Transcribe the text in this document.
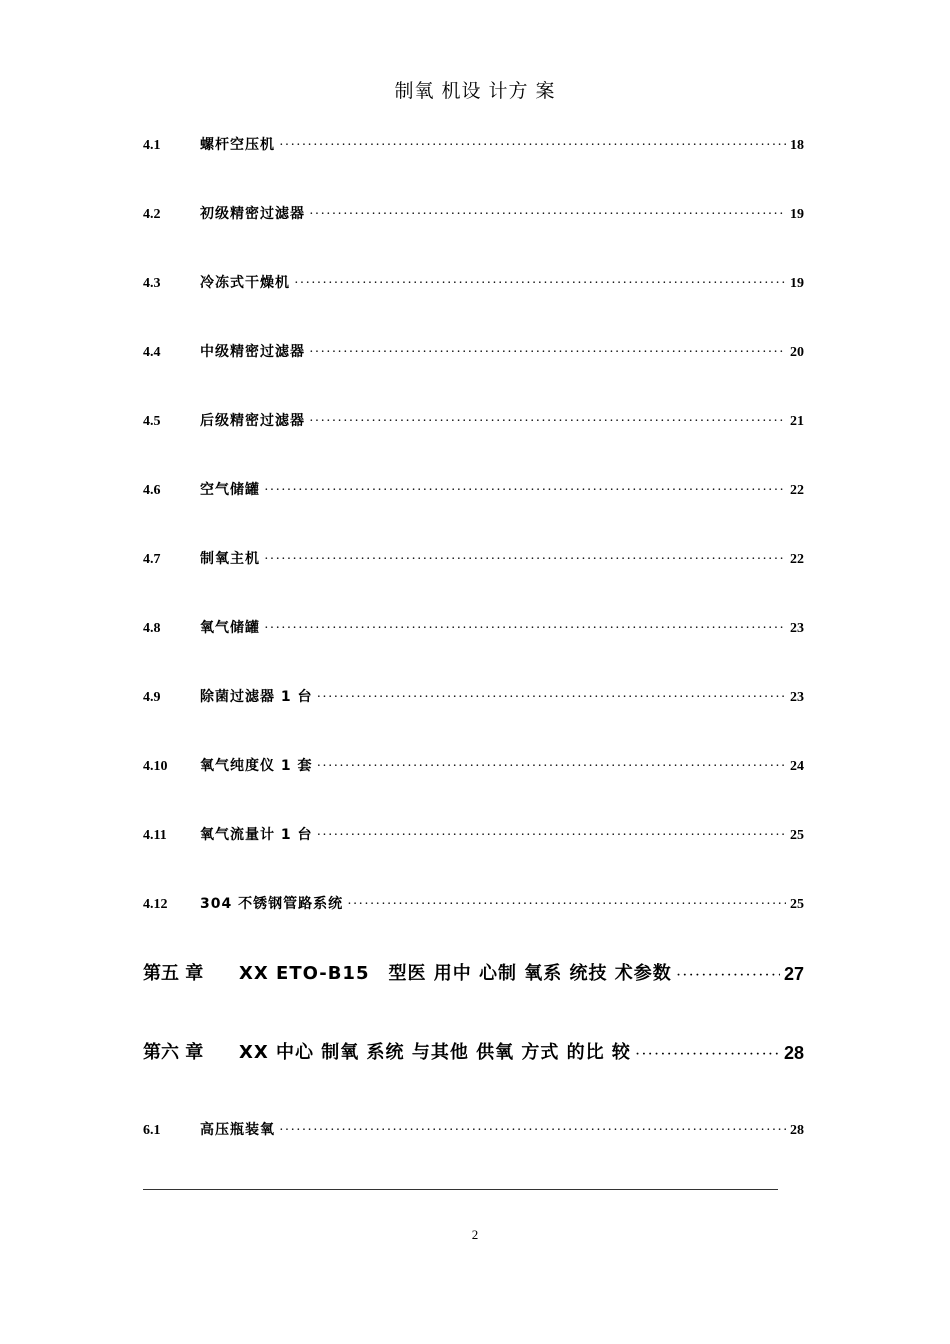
制氧 机设 计方 案
4.1	螺杆空压机 ·····	18
4.2	初级精密过滤器 ·····	19
4.3	冷冻式干燥机 ·····	19
4.4	中级精密过滤器 ·····	20
4.5	后级精密过滤器 ·····	21
4.6	空气储罐 ·····	22
4.7	制氧主机 ·····	22
4.8	氧气储罐 ·····	23
4.9	除菌过滤器 1 台 ·····	23
4.10	氧气纯度仪 1 套 ·····	24
4.11	氧气流量计 1 台 ·····	25
4.12	304 不锈钢管路系统 ·····	25
第五 章	XX ETO-B15　型医 用中 心制 氧系 统技 术参数 ·····	27
第六 章	XX 中心 制氧 系统 与其他 供氧 方式 的比 较 ·····	28
6.1	高压瓶装氧 ·····	28
2
